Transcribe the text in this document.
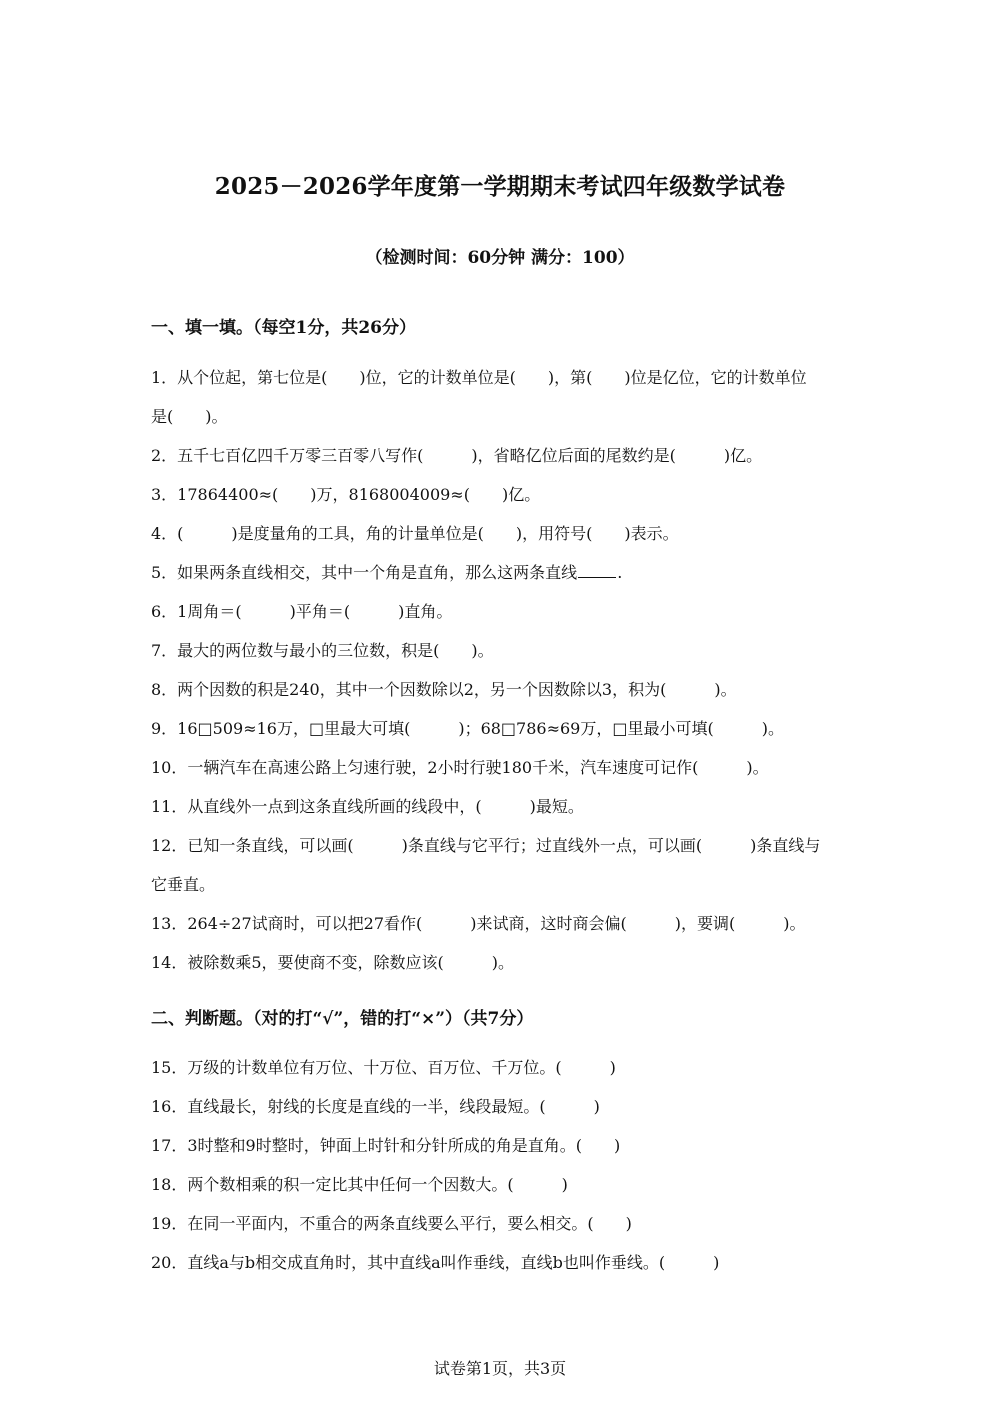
2025－2026学年度第一学期期末考试四年级数学试卷
（检测时间：60分钟 满分：100）
一、填一填。（每空1分，共26分）
1．从个位起，第七位是(　　)位，它的计数单位是(　　)，第(　　)位是亿位，它的计数单位
是(　　)。
2．五千七百亿四千万零三百零八写作(　　　)，省略亿位后面的尾数约是(　　　)亿。
3．17864400≈(　　)万，8168004009≈(　　)亿。
4．(　　　)是度量角的工具，角的计量单位是(　　)，用符号(　　)表示。
5．如果两条直线相交，其中一个角是直角，那么这两条直线	.
6．1周角＝(　　　)平角＝(　　　)直角。
7．最大的两位数与最小的三位数，积是(　　)。
8．两个因数的积是240，其中一个因数除以2，另一个因数除以3，积为(　　　)。
9．16□509≈16万，□里最大可填(　　　)；68□786≈69万，□里最小可填(　　　)。
10．一辆汽车在高速公路上匀速行驶，2小时行驶180千米，汽车速度可记作(　　　)。
11．从直线外一点到这条直线所画的线段中，(　　　)最短。
12．已知一条直线，可以画(　　　)条直线与它平行；过直线外一点，可以画(　　　)条直线与
它垂直。
13．264÷27试商时，可以把27看作(　　　)来试商，这时商会偏(　　　)，要调(　　　)。
14．被除数乘5，要使商不变，除数应该(　　　)。
二、判断题。（对的打“√”，错的打“×”）（共7分）
15．万级的计数单位有万位、十万位、百万位、千万位。(　　　)
16．直线最长，射线的长度是直线的一半，线段最短。(　　　)
17．3时整和9时整时，钟面上时针和分针所成的角是直角。(　　)
18．两个数相乘的积一定比其中任何一个因数大。(　　　)
19．在同一平面内，不重合的两条直线要么平行，要么相交。(　　)
20．直线a与b相交成直角时，其中直线a叫作垂线，直线b也叫作垂线。(　　　)
试卷第1页，共3页
